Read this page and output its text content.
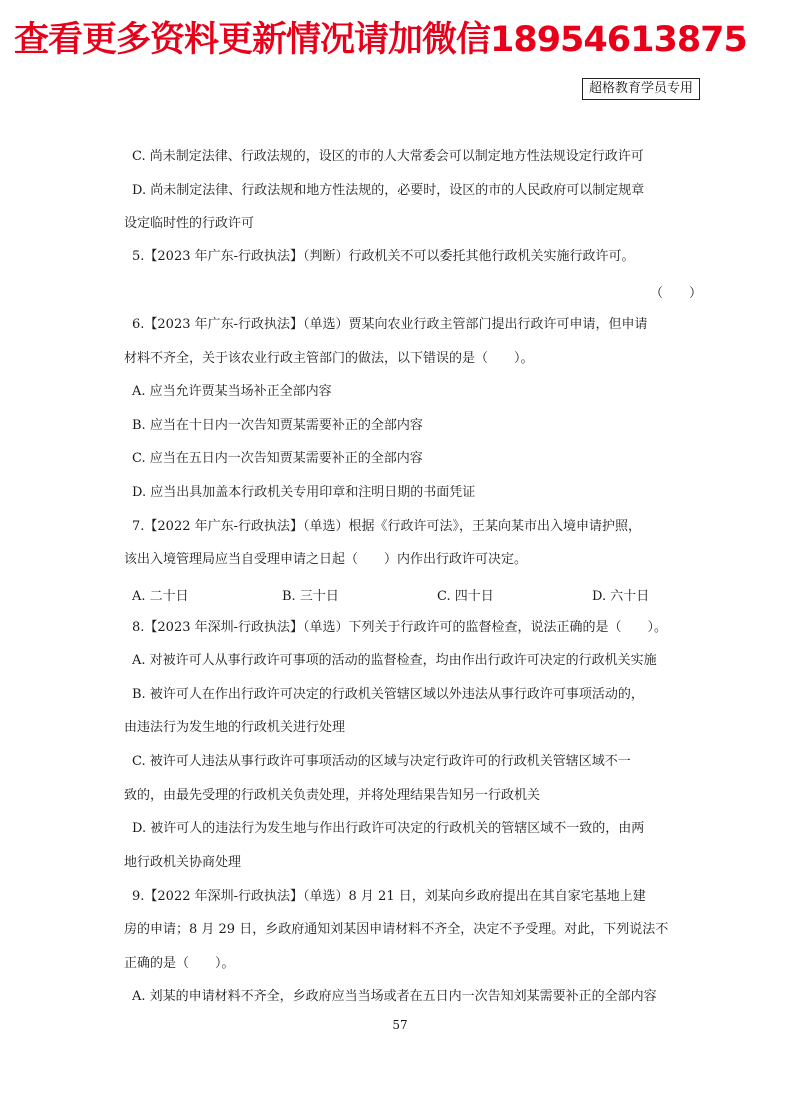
查看更多资料更新情况请加微信18954613875
超格教育学员专用
C. 尚未制定法律、行政法规的，设区的市的人大常委会可以制定地方性法规设定行政许可
D. 尚未制定法律、行政法规和地方性法规的，必要时，设区的市的人民政府可以制定规章
设定临时性的行政许可
5.【2023 年广东-行政执法】（判断）行政机关不可以委托其他行政机关实施行政许可。
（　　）
6.【2023 年广东-行政执法】（单选）贾某向农业行政主管部门提出行政许可申请，但申请
材料不齐全，关于该农业行政主管部门的做法，以下错误的是（　　）。
A. 应当允许贾某当场补正全部内容
B. 应当在十日内一次告知贾某需要补正的全部内容
C. 应当在五日内一次告知贾某需要补正的全部内容
D. 应当出具加盖本行政机关专用印章和注明日期的书面凭证
7.【2022 年广东-行政执法】（单选）根据《行政许可法》，王某向某市出入境申请护照，
该出入境管理局应当自受理申请之日起（　　）内作出行政许可决定。
A. 二十日	B. 三十日	C. 四十日	D. 六十日
8.【2023 年深圳-行政执法】（单选）下列关于行政许可的监督检查，说法正确的是（　　）。
A. 对被许可人从事行政许可事项的活动的监督检查，均由作出行政许可决定的行政机关实施
B. 被许可人在作出行政许可决定的行政机关管辖区域以外违法从事行政许可事项活动的，
由违法行为发生地的行政机关进行处理
C. 被许可人违法从事行政许可事项活动的区域与决定行政许可的行政机关管辖区域不一
致的，由最先受理的行政机关负责处理，并将处理结果告知另一行政机关
D. 被许可人的违法行为发生地与作出行政许可决定的行政机关的管辖区域不一致的，由两
地行政机关协商处理
9.【2022 年深圳-行政执法】（单选）8 月 21 日，刘某向乡政府提出在其自家宅基地上建
房的申请；8 月 29 日，乡政府通知刘某因申请材料不齐全，决定不予受理。对此，下列说法不
正确的是（　　）。
A. 刘某的申请材料不齐全，乡政府应当当场或者在五日内一次告知刘某需要补正的全部内容
57
